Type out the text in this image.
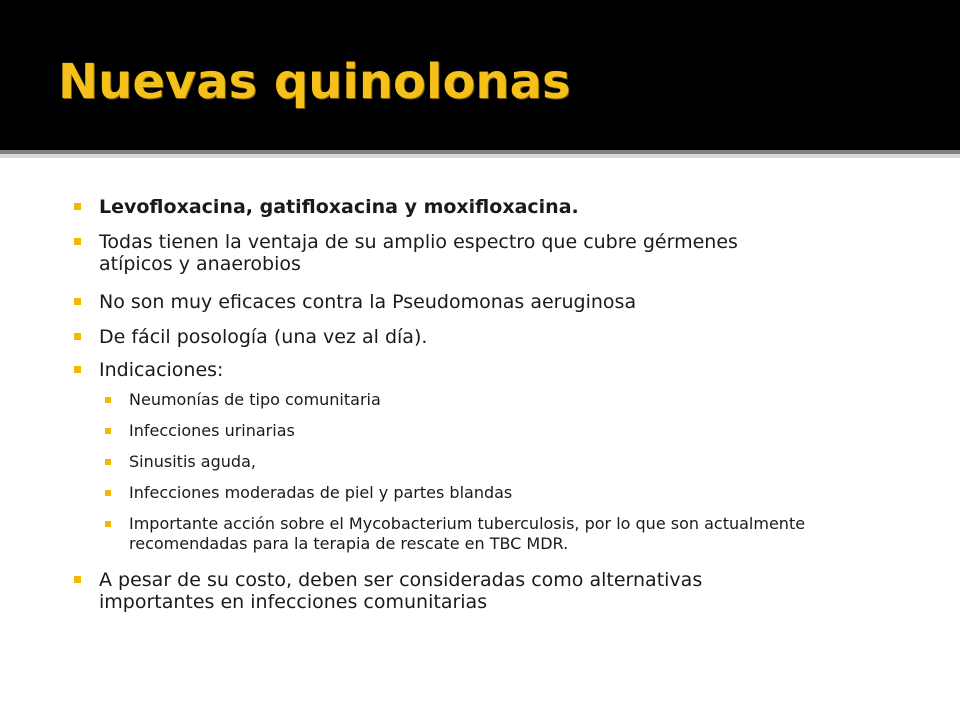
Nuevas quinolonas
Levofloxacina, gatifloxacina y moxifloxacina.
Todas tienen la ventaja de su amplio espectro que cubre gérmenes atípicos y anaerobios
No son muy eficaces contra la Pseudomonas aeruginosa
De fácil posología (una vez al día).
Indicaciones:
Neumonías de tipo comunitaria
Infecciones urinarias
Sinusitis aguda,
Infecciones moderadas de piel y partes blandas
Importante acción sobre el Mycobacterium tuberculosis, por lo que son actualmente recomendadas para la terapia de rescate en TBC MDR.
A pesar de su costo, deben ser consideradas como alternativas importantes en infecciones comunitarias
